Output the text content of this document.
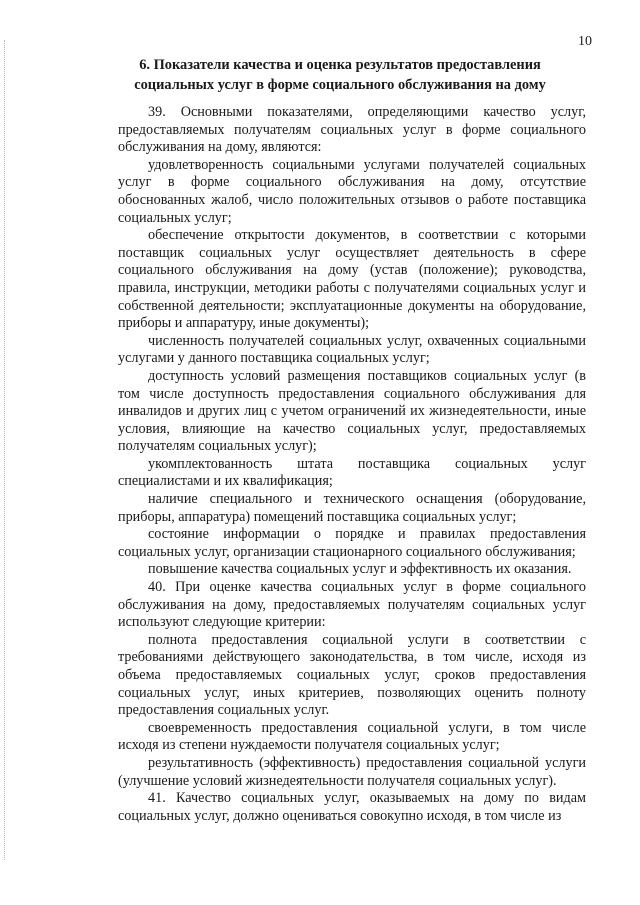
10
6. Показатели качества и оценка результатов предоставления
социальных услуг в форме социального обслуживания на дому

39. Основными показателями, определяющими качество услуг, предоставляемых получателям социальных услуг в форме социального обслуживания на дому, являются:

удовлетворенность социальными услугами получателей социальных услуг в форме социального обслуживания на дому, отсутствие обоснованных жалоб, число положительных отзывов о работе поставщика социальных услуг;

обеспечение открытости документов, в соответствии с которыми поставщик социальных услуг осуществляет деятельность в сфере социального обслуживания на дому (устав (положение); руководства, правила, инструкции, методики работы с получателями социальных услуг и собственной деятельности; эксплуатационные документы на оборудование, приборы и аппаратуру, иные документы);

численность получателей социальных услуг, охваченных социальными услугами у данного поставщика социальных услуг;

доступность условий размещения поставщиков социальных услуг (в том числе доступность предоставления социального обслуживания для инвалидов и других лиц с учетом ограничений их жизнедеятельности, иные условия, влияющие на качество социальных услуг, предоставляемых получателям социальных услуг);

укомплектованность штата поставщика социальных услуг специалистами и их квалификация;

наличие специального и технического оснащения (оборудование, приборы, аппаратура) помещений поставщика социальных услуг;

состояние информации о порядке и правилах предоставления социальных услуг, организации стационарного социального обслуживания;

повышение качества социальных услуг и эффективность их оказания.

40. При оценке качества социальных услуг в форме социального обслуживания на дому, предоставляемых получателям социальных услуг используют следующие критерии:

полнота предоставления социальной услуги в соответствии с требованиями действующего законодательства, в том числе, исходя из объема предоставляемых социальных услуг, сроков предоставления социальных услуг, иных критериев, позволяющих оценить полноту предоставления социальных услуг.

своевременность предоставления социальной услуги, в том числе исходя из степени нуждаемости получателя социальных услуг;

результативность (эффективность) предоставления социальной услуги (улучшение условий жизнедеятельности получателя социальных услуг).

41. Качество социальных услуг, оказываемых на дому по видам социальных услуг, должно оцениваться совокупно исходя, в том числе из
